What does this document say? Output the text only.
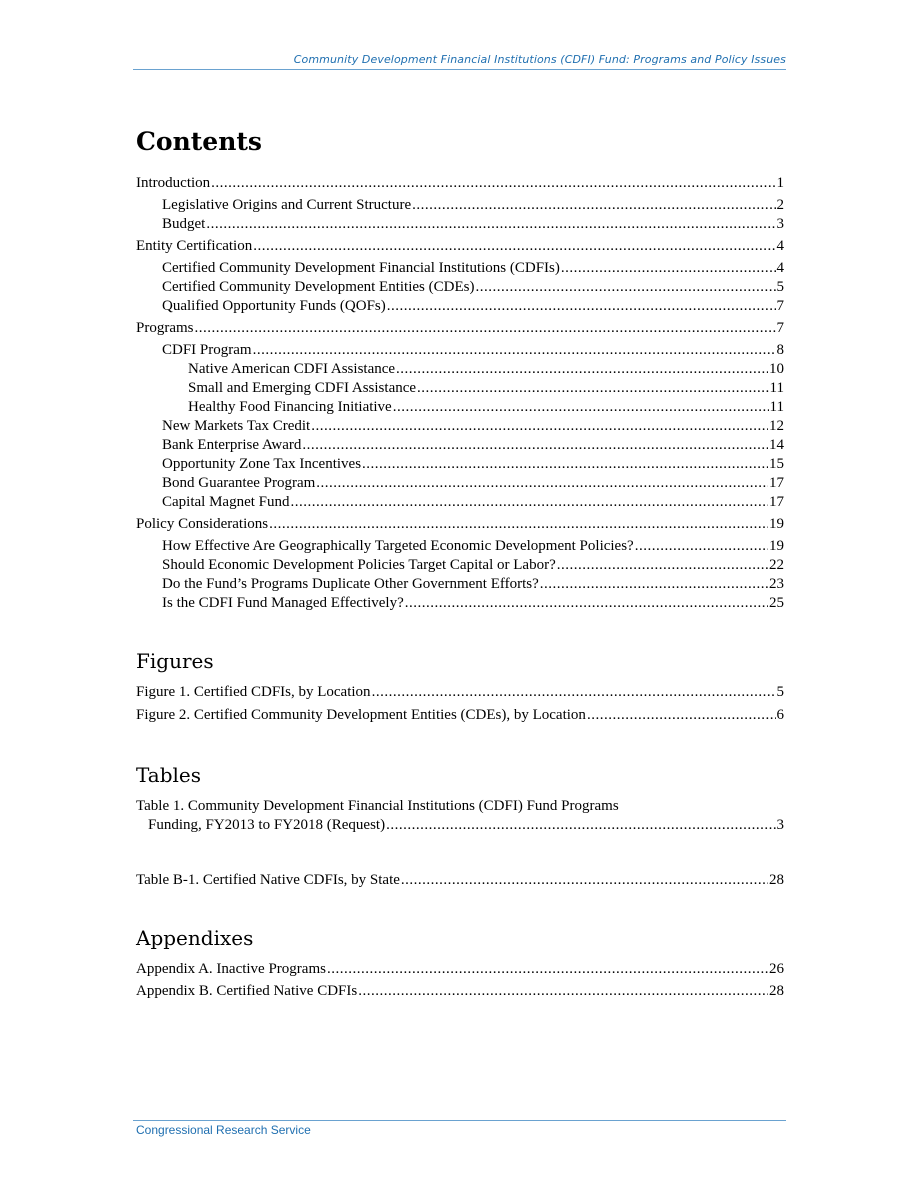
Community Development Financial Institutions (CDFI) Fund: Programs and Policy Issues
Contents
Introduction .....	1
Legislative Origins and Current Structure .....	2
Budget .....	3
Entity Certification .....	4
Certified Community Development Financial Institutions (CDFIs) .....	4
Certified Community Development Entities (CDEs) .....	5
Qualified Opportunity Funds (QOFs) .....	7
Programs .....	7
CDFI Program .....	8
Native American CDFI Assistance .....	10
Small and Emerging CDFI Assistance .....	11
Healthy Food Financing Initiative .....	11
New Markets Tax Credit .....	12
Bank Enterprise Award .....	14
Opportunity Zone Tax Incentives .....	15
Bond Guarantee Program .....	17
Capital Magnet Fund .....	17
Policy Considerations .....	19
How Effective Are Geographically Targeted Economic Development Policies? .....	19
Should Economic Development Policies Target Capital or Labor? .....	22
Do the Fund’s Programs Duplicate Other Government Efforts? .....	23
Is the CDFI Fund Managed Effectively? .....	25
Figures
Figure 1. Certified CDFIs, by Location .....	5
Figure 2. Certified Community Development Entities (CDEs), by Location .....	6
Tables
Table 1. Community Development Financial Institutions (CDFI) Fund Programs
Funding, FY2013 to FY2018 (Request) .....	3
Table B-1. Certified Native CDFIs, by State .....	28
Appendixes
Appendix A. Inactive Programs .....	26
Appendix B. Certified Native CDFIs .....	28
Congressional Research Service
